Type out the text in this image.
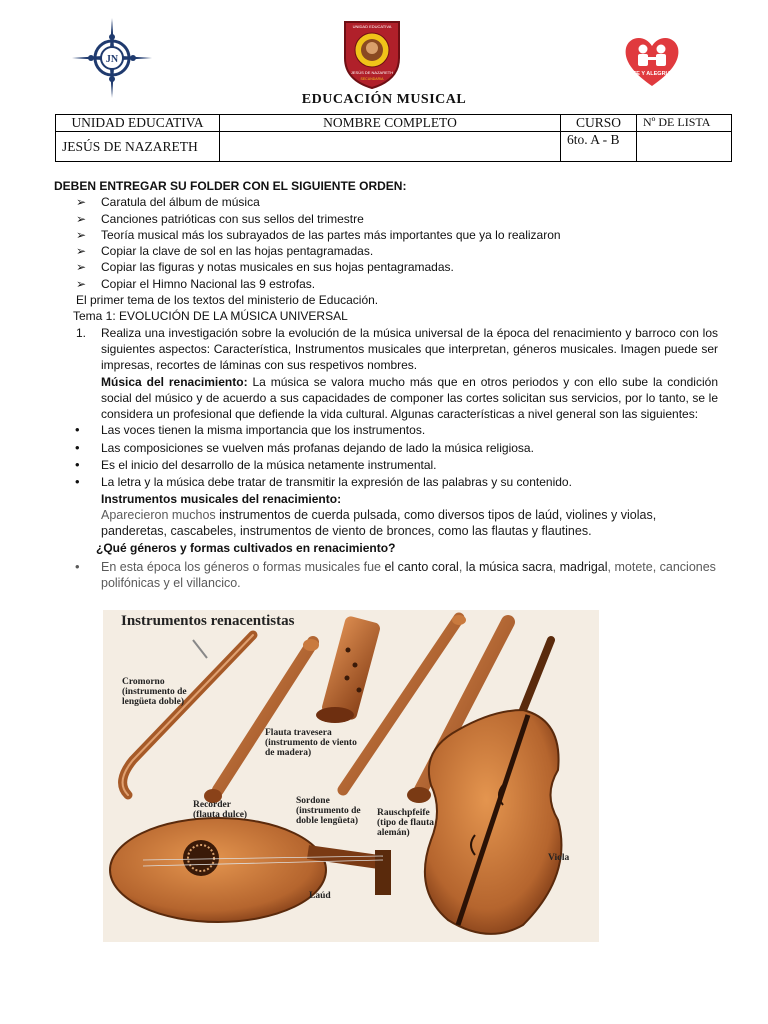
JN
UNIDAD EDUCATIVA
JESÚS DE NAZARETH
SECUNDARIA
FE Y ALEGRIA
EDUCACIÓN MUSICAL
UNIDAD EDUCATIVA	NOMBRE COMPLETO	CURSO	Nº DE LISTA
JESÚS DE NAZARETH		6to. A - B	

DEBEN ENTREGAR SU FOLDER CON EL SIGUIENTE ORDEN:

➢ Caratula del álbum de música
➢ Canciones patrióticas con sus sellos del trimestre
➢ Teoría musical más los subrayados de las partes más importantes que ya lo realizaron
➢ Copiar la clave de sol en las hojas pentagramadas.
➢ Copiar las figuras y notas musicales en sus hojas pentagramadas.
➢ Copiar el Himno Nacional las 9 estrofas.

El primer tema de los textos del ministerio de Educación.

Tema 1: EVOLUCIÓN DE LA MÚSICA UNIVERSAL

1. Realiza una investigación sobre la evolución de la música universal de la época del renacimiento y barroco con los siguientes aspectos: Característica, Instrumentos musicales que interpretan, géneros musicales. Imagen puede ser impresas, recortes de láminas con sus respetivos nombres.
Música del renacimiento: La música se valora mucho más que en otros periodos y con ello sube la condición social del músico y de acuerdo a sus capacidades de componer las cortes solicitan sus servicios, por lo tanto, se le considera un profesional que defiende la vida cultural. Algunas características a nivel general son las siguientes:
• Las voces tienen la misma importancia que los instrumentos.
• Las composiciones se vuelven más profanas dejando de lado la música religiosa.
• Es el inicio del desarrollo de la música netamente instrumental.
• La letra y la música debe tratar de transmitir la expresión de las palabras y su contenido.

Instrumentos musicales del renacimiento:

Aparecieron muchos instrumentos de cuerda pulsada, como diversos tipos de laúd, violines y violas, panderetas, cascabeles, instrumentos de viento de bronces, como las flautas y flautines.

¿Qué géneros y formas cultivados en renacimiento?

• En esta época los géneros o formas musicales fue el canto coral, la música sacra, madrigal, motete, canciones polifónicas y el villancico.
Instrumentos renacentistas
Cromorno
(instrumento de
lengüeta doble)
Flauta travesera
(instrumento de viento
de madera)
Recorder
(flauta dulce)
Sordone
(instrumento de
doble lengüeta)
Rauschpfeife
(tipo de flauta
alemán)
Viola
Laúd
